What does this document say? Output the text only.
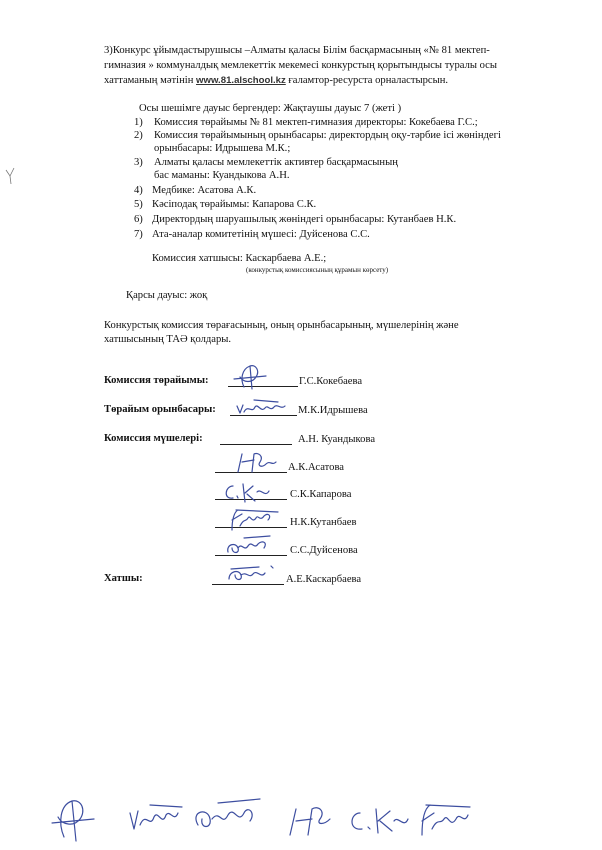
3)Конкурс ұйымдастырушысы –Алматы қаласы Білім басқармасының «№ 81 мектеп-
гимназия » коммуналдық мемлекеттік мекемесі конкурстың қорытындысы туралы осы
хаттаманың мәтінін www.81.alschool.kz ғаламтор-ресурста орналастырсын.
Осы шешімге дауыс бергендер: Жақтаушы дауыс 7 (жеті )
1) Комиссия төрайымы № 81 мектеп-гимназия директоры: Кокебаева Г.С.;
2) Комиссия төрайымының орынбасары: директордың оқу-тәрбие ісі жөніндегі
орынбасары: Идрышева М.К.;
3) Алматы қаласы мемлекеттік активтер басқармасының
бас маманы: Куандыкова А.Н.
4) Медбике: Асатова А.К.
5) Кәсіподақ төрайымы: Капарова С.К.
6) Директордың шаруашылық жөніндегі орынбасары: Кутанбаев Н.К.
7) Ата-аналар комитетінің мүшесі: Дуйсенова С.С.
Комиссия хатшысы: Каскарбаева А.Е.;
(конкурстық комиссиясының құрамын көрсету)
Қарсы дауыс: жоқ
Конкурстық комиссия төрағасының, оның орынбасарының, мүшелерінің және
хатшысының ТАӘ қолдары.
Комиссия төрайымы:	Г.С.Кокебаева
Төрайым орынбасары:	М.К.Идрышева
Комиссия мүшелері:	А.Н. Куандыкова
А.К.Асатова
С.К.Капарова
Н.К.Кутанбаев
С.С.Дуйсенова
Хатшы:	А.Е.Каскарбаева
